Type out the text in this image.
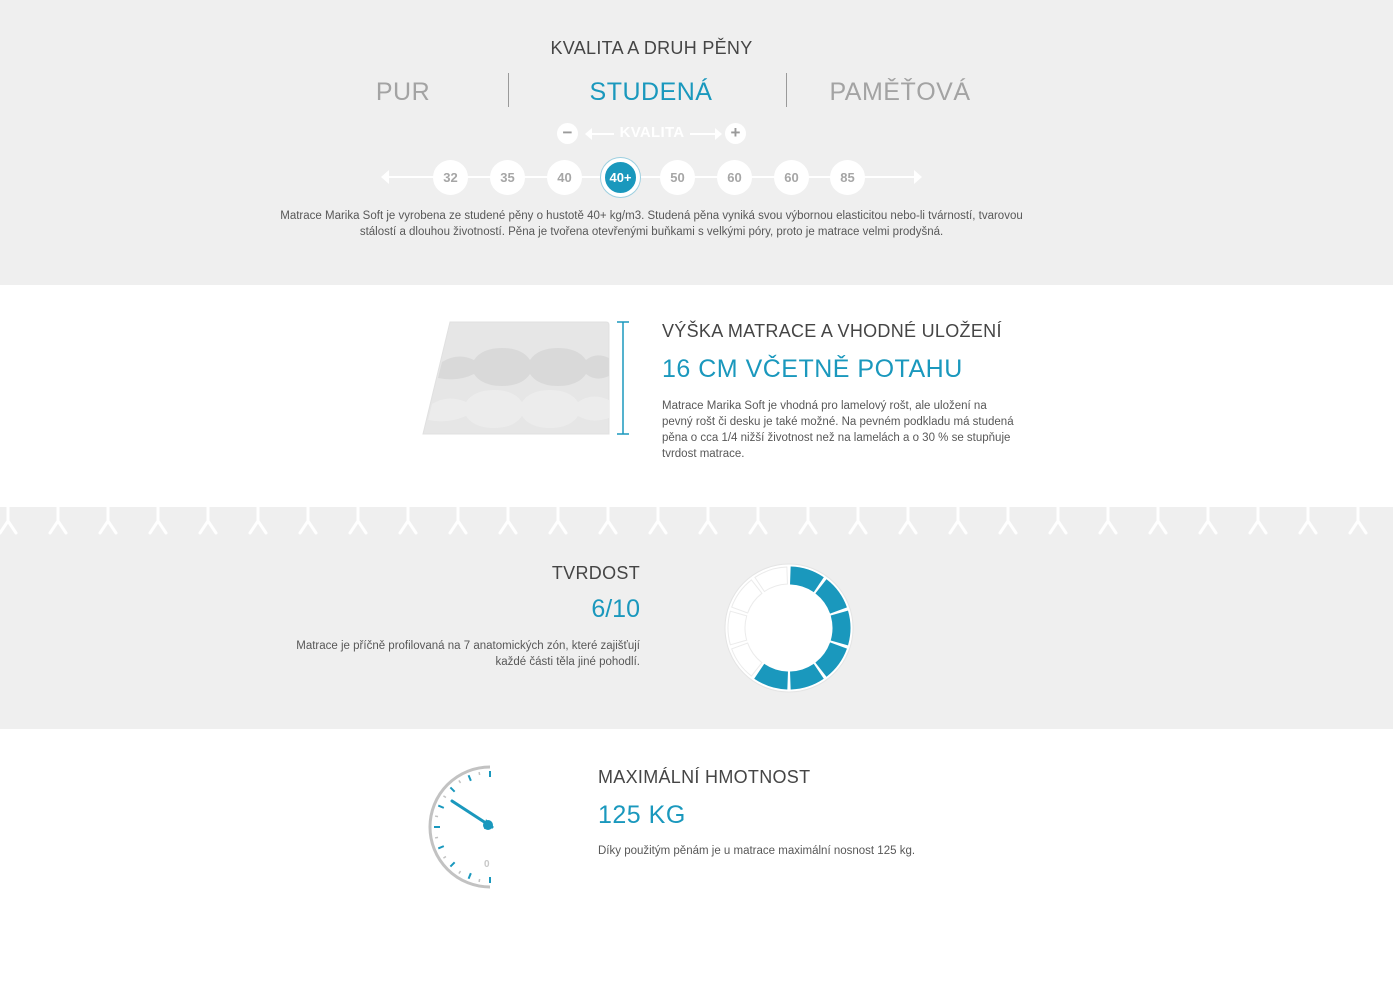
KVALITA A DRUH PĚNY
PUR	STUDENÁ	PAMĚŤOVÁ
−	KVALITA	+
32	35	40	40+	50	60	60	85

Matrace Marika Soft je vyrobena ze studené pěny o hustotě 40+ kg/m3. Studená pěna vyniká svou výbornou elasticitou nebo-li tvárností, tvarovou stálostí a dlouhou životností. Pěna je tvořena otevřenými buňkami s velkými póry, proto je matrace velmi prodyšná.

VÝŠKA MATRACE A VHODNÉ ULOŽENÍ
16 CM VČETNĚ POTAHU

Matrace Marika Soft je vhodná pro lamelový rošt, ale uložení na pevný rošt či desku je také možné. Na pevném podkladu má studená pěna o cca 1/4 nižší životnost než na lamelách a o 30 % se stupňuje tvrdost matrace.

TVRDOST
6/10

Matrace je příčně profilovaná na 7 anatomických zón, které zajišťují každé části těla jiné pohodlí.

0
MAXIMÁLNÍ HMOTNOST
125 KG

Díky použitým pěnám je u matrace maximální nosnost 125 kg.
